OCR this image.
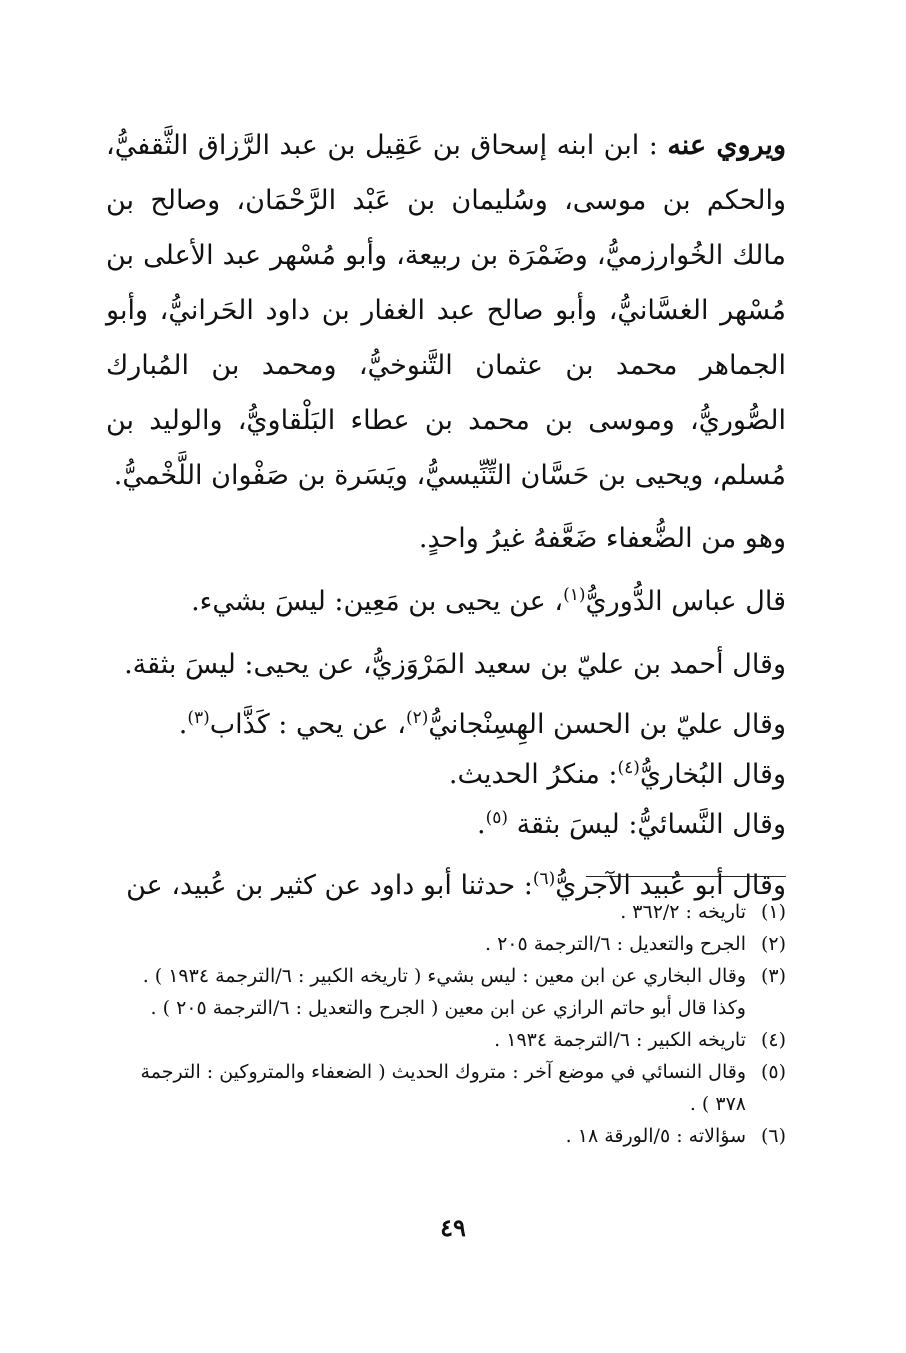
ويروي عنه : ابن ابنه إسحاق بن عَقِيل بن عبد الرَّزاق الثَّقفيُّ، والحكم بن موسى، وسُليمان بن عَبْد الرَّحْمَان، وصالح بن مالك الخُوارزميُّ، وضَمْرَة بن ربيعة، وأبو مُسْهر عبد الأعلى بن مُسْهر الغسَّانيُّ، وأبو صالح عبد الغفار بن داود الحَرانيُّ، وأبو الجماهر محمد بن عثمان التَّنوخيُّ، ومحمد بن المُبارك الصُّوريُّ، وموسى بن محمد بن عطاء البَلْقاويُّ، والوليد بن مُسلم، ويحيى بن حَسَّان التِّنِّيسيُّ، ويَسَرة بن صَفْوان اللَّخْميُّ.

وهو من الضُّعفاء ضَعَّفهُ غيرُ واحدٍ.

قال عباس الدُّوريُّ$^{(١)}$، عن يحيى بن مَعِين: ليسَ بشيء.

وقال أحمد بن عليّ بن سعيد المَرْوَزيُّ، عن يحيى: ليسَ بثقة.

وقال عليّ بن الحسن الهِسِنْجانيُّ$^{(٢)}$، عن يحي : كَذَّاب$^{(٣)}$.

وقال البُخاريُّ$^{(٤)}$: منكرُ الحديث.

وقال النَّسائيُّ: ليسَ بثقة $^{(٥)}$.

وقال أبو عُبيد الآجريُّ$^{(٦)}$: حدثنا أبو داود عن كثير بن عُبيد، عن

(١)
تاريخه : ٣٦٢/٢ .
(٢)
الجرح والتعديل : ٦/الترجمة ٢٠٥ .
(٣)
وقال البخاري عن ابن معين : ليس بشيء ( تاريخه الكبير : ٦/الترجمة ١٩٣٤ ) .
وكذا قال أبو حاتم الرازي عن ابن معين ( الجرح والتعديل : ٦/الترجمة ٢٠٥ ) .
(٤)
تاريخه الكبير : ٦/الترجمة ١٩٣٤ .
(٥)
وقال النسائي في موضع آخر : متروك الحديث ( الضعفاء والمتروكين : الترجمة ٣٧٨ ) .
(٦)
سؤالاته : ٥/الورقة ١٨ .
٤٩
